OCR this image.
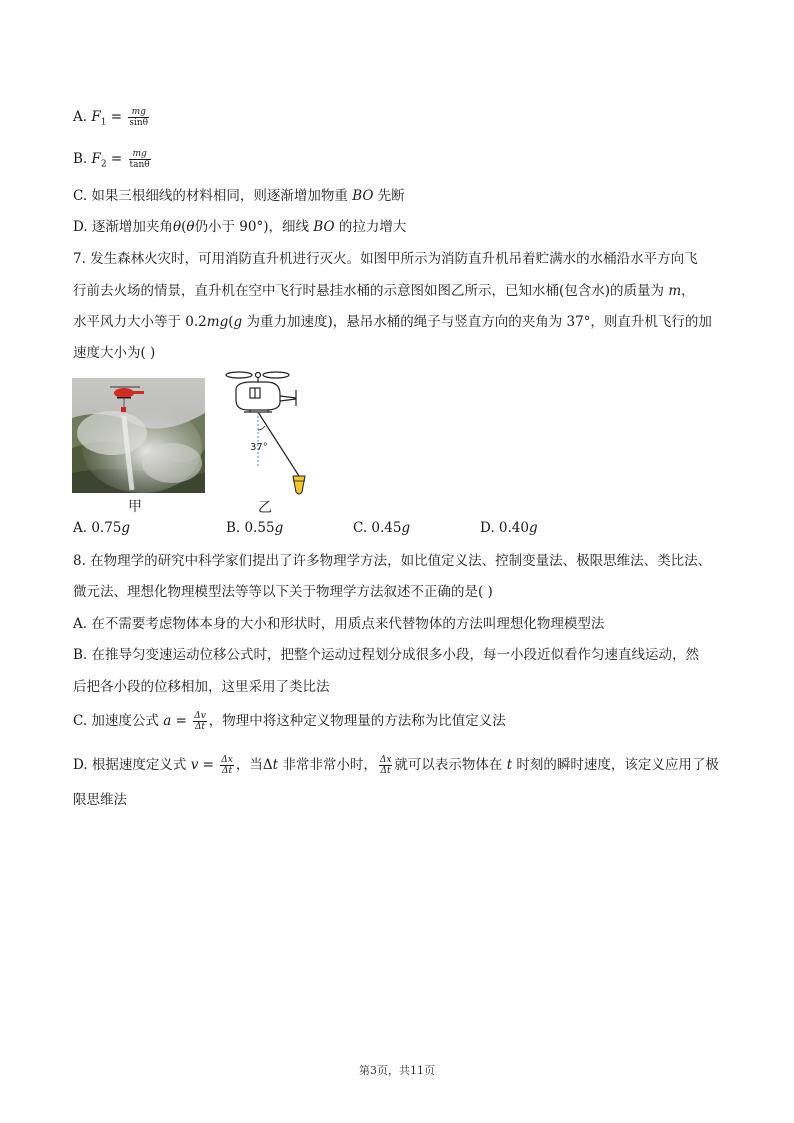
A. $F_1 = \frac{mg}{\sin\theta}$
B. $F_2 = \frac{mg}{\tan\theta}$
C. 如果三根细线的材料相同，则逐渐增加物重 BO 先断
D. 逐渐增加夹角θ(θ仍小于 90°)，细线 BO 的拉力增大
7. 发生森林火灾时，可用消防直升机进行灭火。如图甲所示为消防直升机吊着贮满水的水桶沿水平方向飞
行前去火场的情景，直升机在空中飞行时悬挂水桶的示意图如图乙所示，已知水桶(包含水)的质量为 m，
水平风力大小等于 0.2mg(g 为重力加速度)，悬吊水桶的绳子与竖直方向的夹角为 37°，则直升机飞行的加
速度大小为( )
37°
甲	乙
A. 0.75g	B. 0.55g	C. 0.45g	D. 0.40g
8. 在物理学的研究中科学家们提出了许多物理学方法，如比值定义法、控制变量法、极限思维法、类比法、
微元法、理想化物理模型法等等以下关于物理学方法叙述不正确的是( )
A. 在不需要考虑物体本身的大小和形状时，用质点来代替物体的方法叫理想化物理模型法
B. 在推导匀变速运动位移公式时，把整个运动过程划分成很多小段，每一小段近似看作匀速直线运动，然
后把各小段的位移相加，这里采用了类比法
C. 加速度公式 $a = \frac{\Delta v}{\Delta t}$ ，物理中将这种定义物理量的方法称为比值定义法
D. 根据速度定义式 $v = \frac{\Delta x}{\Delta t}$ ，当Δt 非常非常小时， $\frac{\Delta x}{\Delta t}$ 就可以表示物体在 t 时刻的瞬时速度，该定义应用了极
限思维法
第3页，共11页
